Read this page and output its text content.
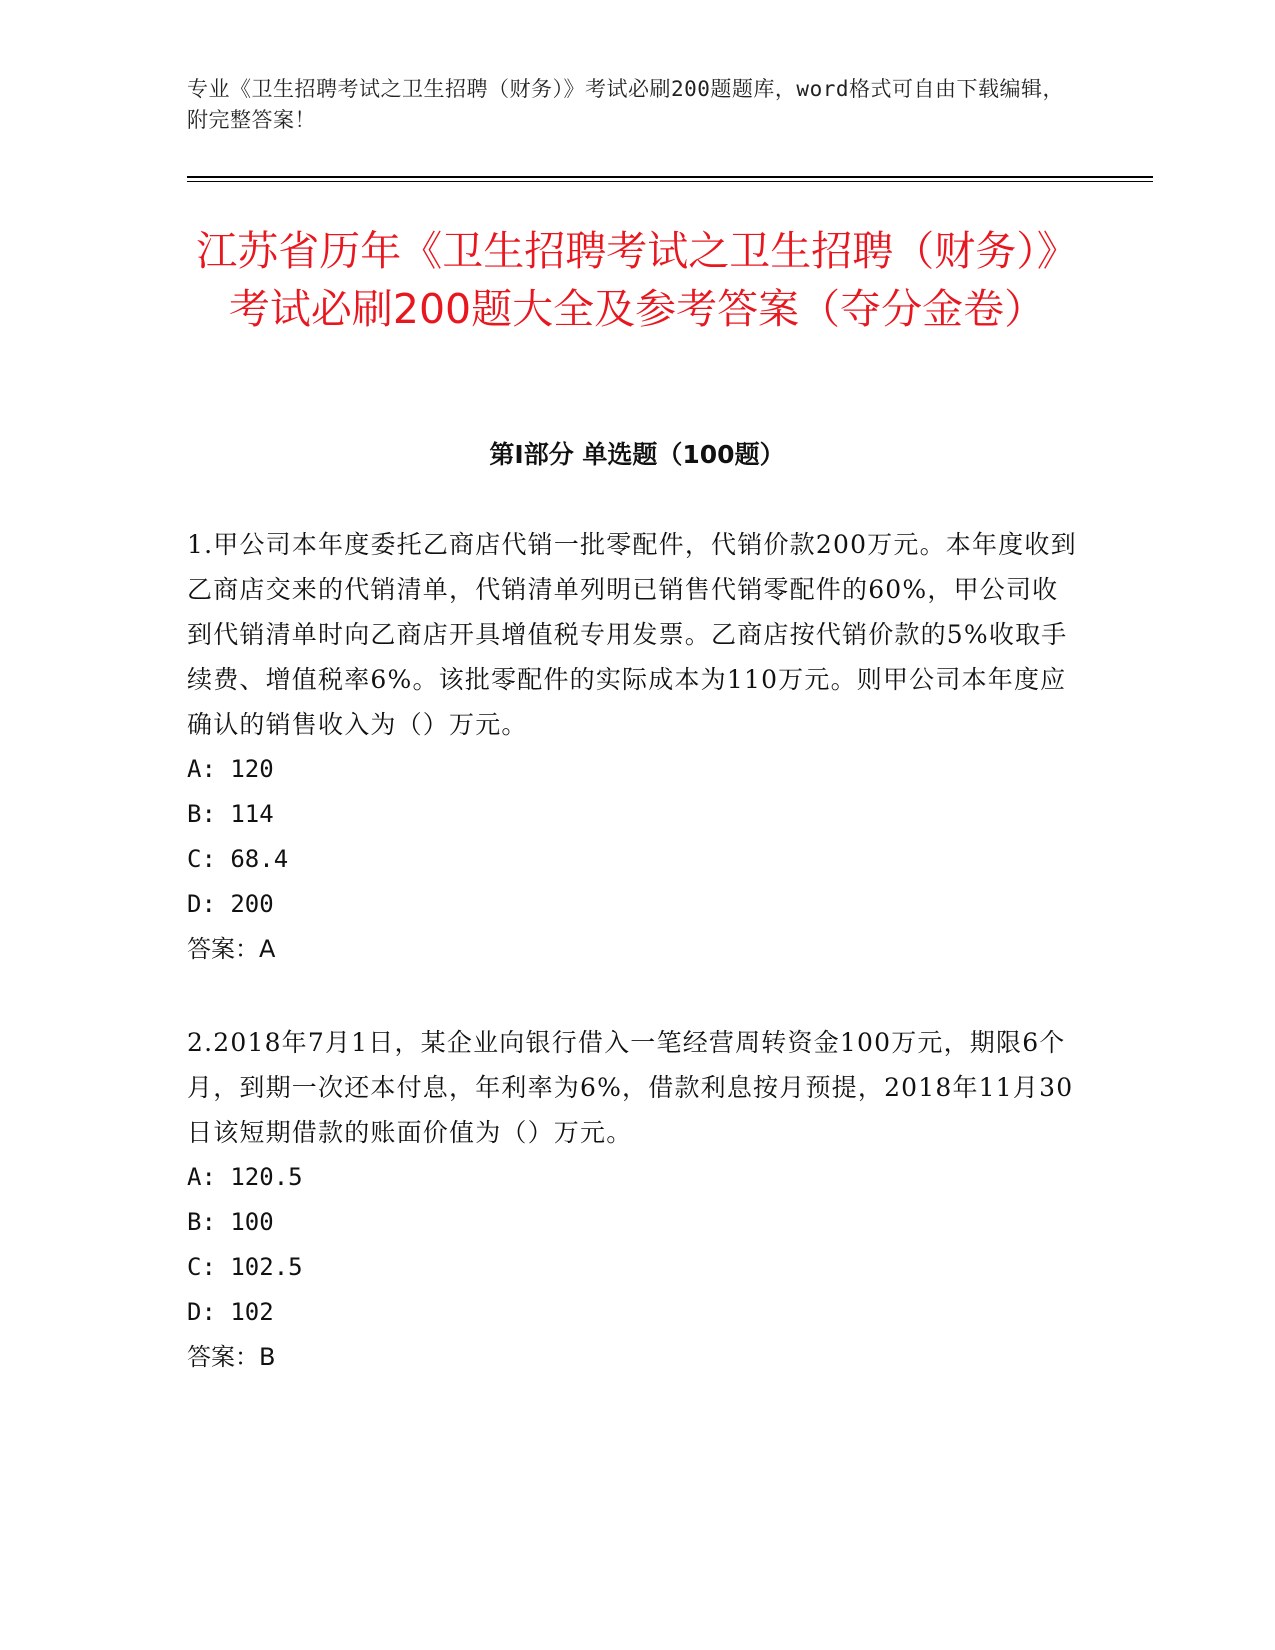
专业《卫生招聘考试之卫生招聘（财务）》考试必刷200题题库，word格式可自由下载编辑，附完整答案！
江苏省历年《卫生招聘考试之卫生招聘（财务）》考试必刷200题大全及参考答案（夺分金卷）
第Ⅰ部分 单选题（100题）

1.甲公司本年度委托乙商店代销一批零配件，代销价款200万元。本年度收到乙商店交来的代销清单，代销清单列明已销售代销零配件的60%，甲公司收到代销清单时向乙商店开具增值税专用发票。乙商店按代销价款的5%收取手续费、增值税率6%。该批零配件的实际成本为110万元。则甲公司本年度应确认的销售收入为（）万元。

A: 120

B: 114

C: 68.4

D: 200

答案：A

2.2018年7月1日，某企业向银行借入一笔经营周转资金100万元，期限6个月，到期一次还本付息，年利率为6%，借款利息按月预提，2018年11月30日该短期借款的账面价值为（）万元。

A: 120.5

B: 100

C: 102.5

D: 102

答案：B
